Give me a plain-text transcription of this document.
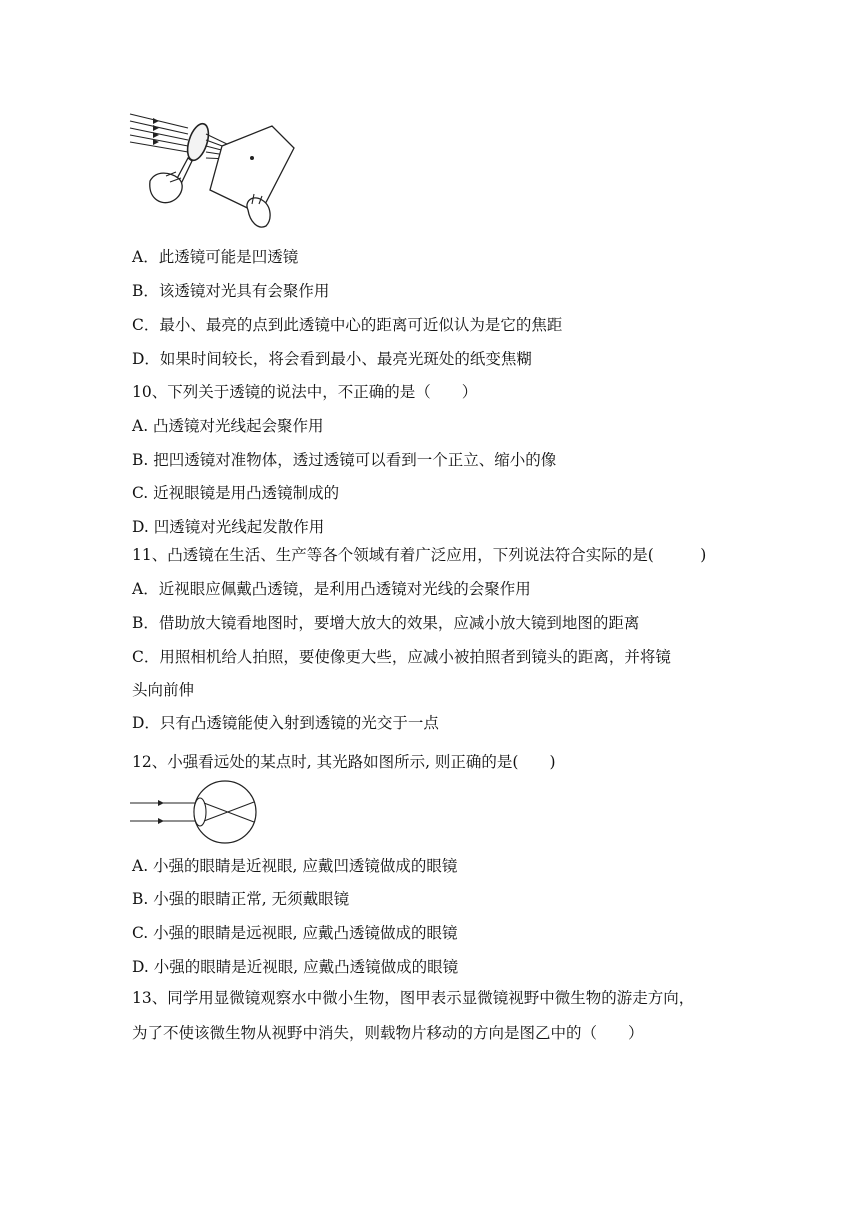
A．此透镜可能是凹透镜
B．该透镜对光具有会聚作用
C．最小、最亮的点到此透镜中心的距离可近似认为是它的焦距
D．如果时间较长，将会看到最小、最亮光斑处的纸变焦糊
10、下列关于透镜的说法中，不正确的是（　　）
A. 凸透镜对光线起会聚作用
B. 把凹透镜对准物体，透过透镜可以看到一个正立、缩小的像
C. 近视眼镜是用凸透镜制成的
D. 凹透镜对光线起发散作用
11、凸透镜在生活、生产等各个领域有着广泛应用，下列说法符合实际的是(　　　)
A．近视眼应佩戴凸透镜，是利用凸透镜对光线的会聚作用
B．借助放大镜看地图时，要增大放大的效果，应减小放大镜到地图的距离
C．用照相机给人拍照，要使像更大些，应减小被拍照者到镜头的距离，并将镜
头向前伸
D．只有凸透镜能使入射到透镜的光交于一点
12、小强看远处的某点时, 其光路如图所示, 则正确的是(　　)
A. 小强的眼睛是近视眼, 应戴凹透镜做成的眼镜
B. 小强的眼睛正常, 无须戴眼镜
C. 小强的眼睛是远视眼, 应戴凸透镜做成的眼镜
D. 小强的眼睛是近视眼, 应戴凸透镜做成的眼镜
13、同学用显微镜观察水中微小生物，图甲表示显微镜视野中微生物的游走方向，
为了不使该微生物从视野中消失，则载物片移动的方向是图乙中的（　　）
